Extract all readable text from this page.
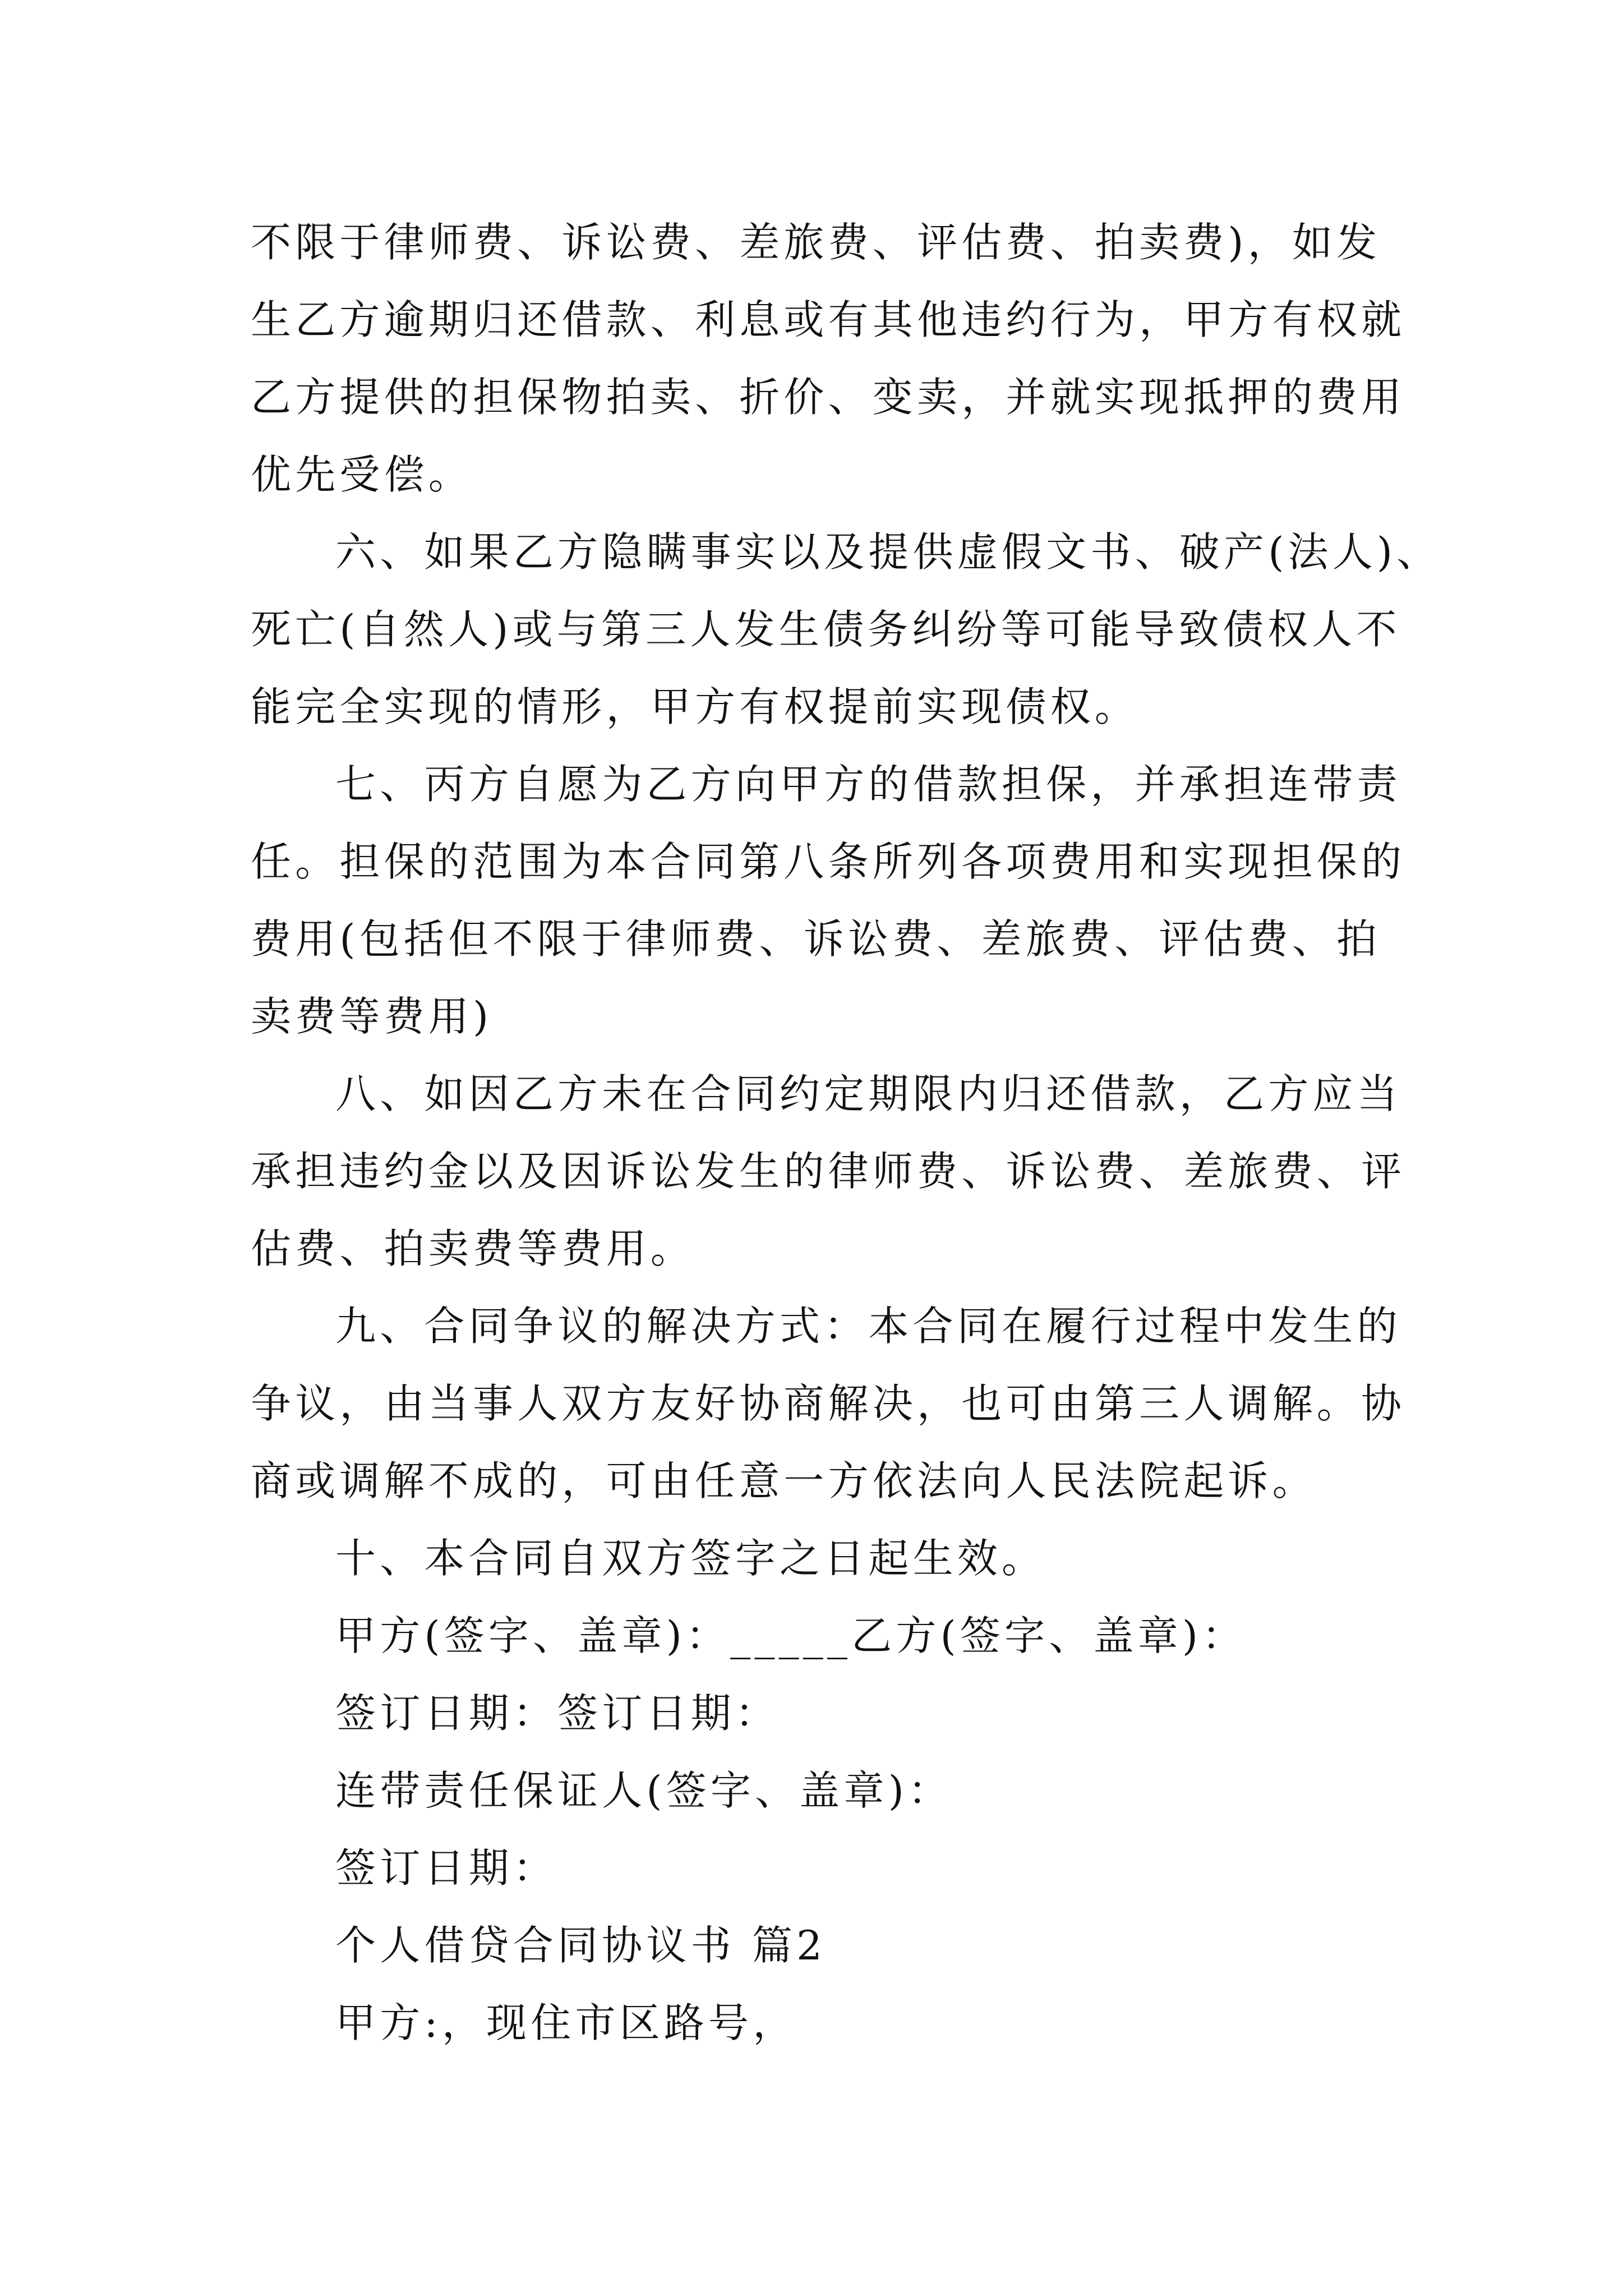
不限于律师费、诉讼费、差旅费、评估费、拍卖费)，如发

生乙方逾期归还借款、利息或有其他违约行为，甲方有权就

乙方提供的担保物拍卖、折价、变卖，并就实现抵押的费用

优先受偿。

六、如果乙方隐瞒事实以及提供虚假文书、破产(法人)、

死亡(自然人)或与第三人发生债务纠纷等可能导致债权人不

能完全实现的情形，甲方有权提前实现债权。

七、丙方自愿为乙方向甲方的借款担保，并承担连带责

任。担保的范围为本合同第八条所列各项费用和实现担保的

费用(包括但不限于律师费、诉讼费、差旅费、评估费、拍

卖费等费用)

八、如因乙方未在合同约定期限内归还借款，乙方应当

承担违约金以及因诉讼发生的律师费、诉讼费、差旅费、评

估费、拍卖费等费用。

九、合同争议的解决方式：本合同在履行过程中发生的

争议，由当事人双方友好协商解决，也可由第三人调解。协

商或调解不成的，可由任意一方依法向人民法院起诉。

十、本合同自双方签字之日起生效。

甲方(签字、盖章)：_____乙方(签字、盖章)：

签订日期：签订日期：

连带责任保证人(签字、盖章)：

签订日期：

个人借贷合同协议书 篇2

甲方:，现住市区路号，
